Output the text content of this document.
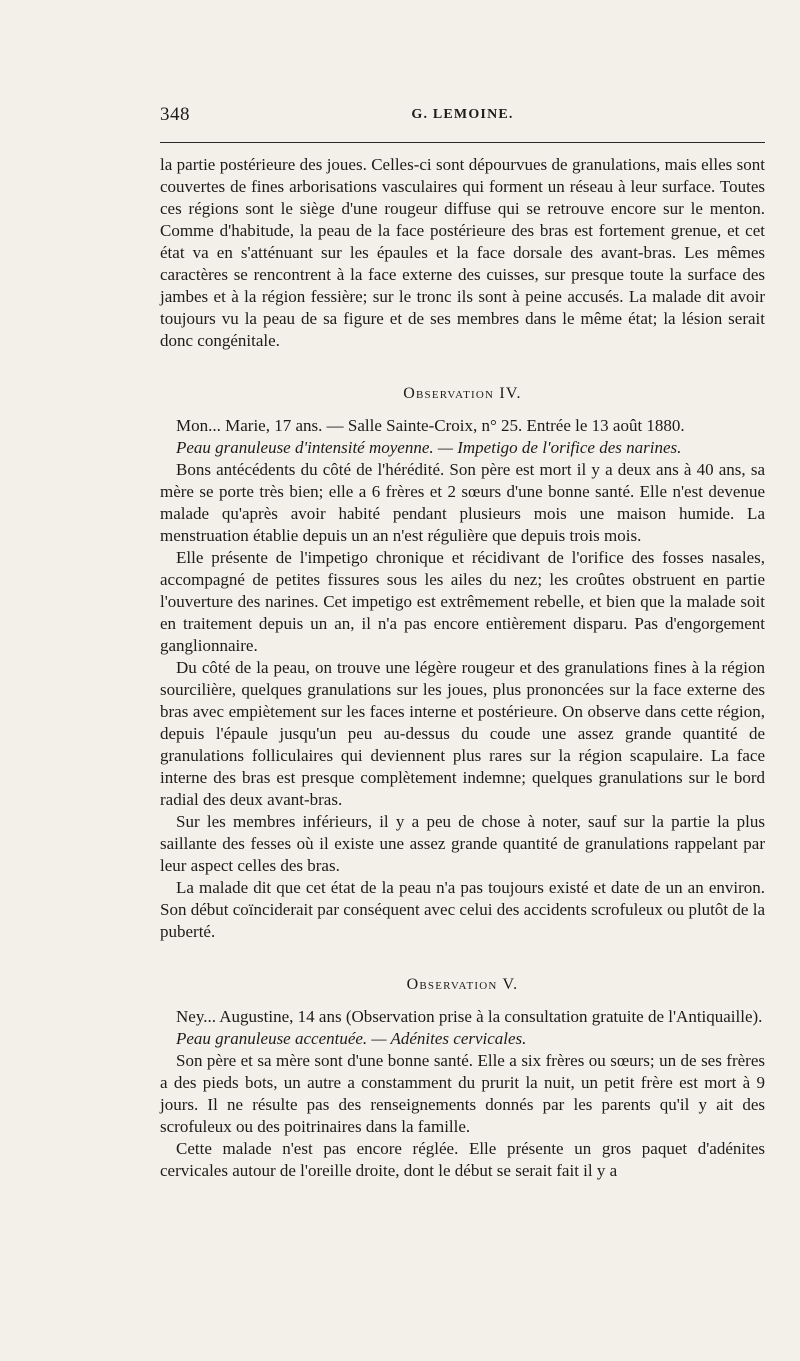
348	G. LEMOINE.

la partie postérieure des joues. Celles-ci sont dépourvues de granulations, mais elles sont couvertes de fines arborisations vasculaires qui forment un réseau à leur surface. Toutes ces régions sont le siège d'une rougeur diffuse qui se retrouve encore sur le menton. Comme d'habitude, la peau de la face postérieure des bras est fortement grenue, et cet état va en s'atténuant sur les épaules et la face dorsale des avant-bras. Les mêmes caractères se rencontrent à la face externe des cuisses, sur presque toute la surface des jambes et à la région fessière; sur le tronc ils sont à peine accusés. La malade dit avoir toujours vu la peau de sa figure et de ses membres dans le même état; la lésion serait donc congénitale.

Observation IV.

Mon... Marie, 17 ans. — Salle Sainte-Croix, n° 25. Entrée le 13 août 1880.

Peau granuleuse d'intensité moyenne. — Impetigo de l'orifice des narines.

Bons antécédents du côté de l'hérédité. Son père est mort il y a deux ans à 40 ans, sa mère se porte très bien; elle a 6 frères et 2 sœurs d'une bonne santé. Elle n'est devenue malade qu'après avoir habité pendant plusieurs mois une maison humide. La menstruation établie depuis un an n'est régulière que depuis trois mois.

Elle présente de l'impetigo chronique et récidivant de l'orifice des fosses nasales, accompagné de petites fissures sous les ailes du nez; les croûtes obstruent en partie l'ouverture des narines. Cet impetigo est extrêmement rebelle, et bien que la malade soit en traitement depuis un an, il n'a pas encore entièrement disparu. Pas d'engorgement ganglionnaire.

Du côté de la peau, on trouve une légère rougeur et des granulations fines à la région sourcilière, quelques granulations sur les joues, plus prononcées sur la face externe des bras avec empiètement sur les faces interne et postérieure. On observe dans cette région, depuis l'épaule jusqu'un peu au-dessus du coude une assez grande quantité de granulations folliculaires qui deviennent plus rares sur la région scapulaire. La face interne des bras est presque complètement indemne; quelques granulations sur le bord radial des deux avant-bras.

Sur les membres inférieurs, il y a peu de chose à noter, sauf sur la partie la plus saillante des fesses où il existe une assez grande quantité de granulations rappelant par leur aspect celles des bras.

La malade dit que cet état de la peau n'a pas toujours existé et date de un an environ. Son début coïnciderait par conséquent avec celui des accidents scrofuleux ou plutôt de la puberté.

Observation V.

Ney... Augustine, 14 ans (Observation prise à la consultation gratuite de l'Antiquaille).

Peau granuleuse accentuée. — Adénites cervicales.

Son père et sa mère sont d'une bonne santé. Elle a six frères ou sœurs; un de ses frères a des pieds bots, un autre a constamment du prurit la nuit, un petit frère est mort à 9 jours. Il ne résulte pas des renseignements donnés par les parents qu'il y ait des scrofuleux ou des poitrinaires dans la famille.

Cette malade n'est pas encore réglée. Elle présente un gros paquet d'adénites cervicales autour de l'oreille droite, dont le début se serait fait il y a
